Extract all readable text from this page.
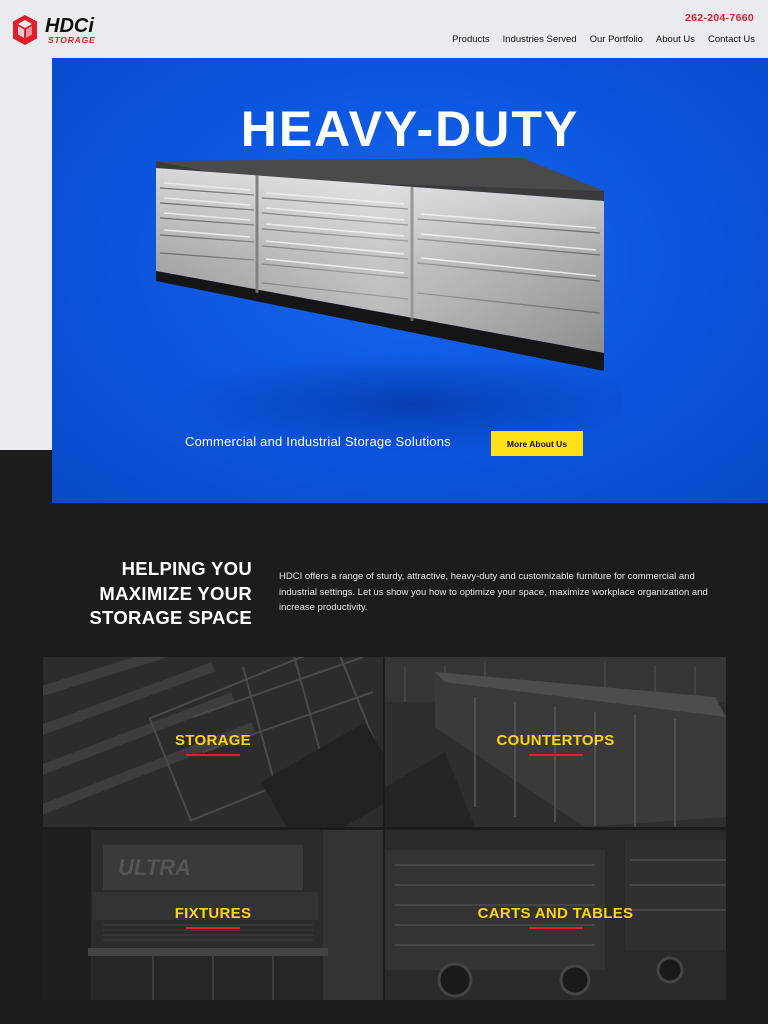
HDCi
STORAGE
262-204-7660
Products Industries Served Our Portfolio About Us Contact Us
HEAVY-DUTY
Commercial and Industrial Storage Solutions	More About Us
HELPING YOU
MAXIMIZE YOUR
STORAGE SPACE

HDCI offers a range of sturdy, attractive, heavy-duty and customizable furniture for commercial and industrial settings. Let us show you how to optimize your space, maximize workplace organization and increase productivity.

STORAGE	COUNTERTOPS
ULTRA
FIXTURES	CARTS AND TABLES
